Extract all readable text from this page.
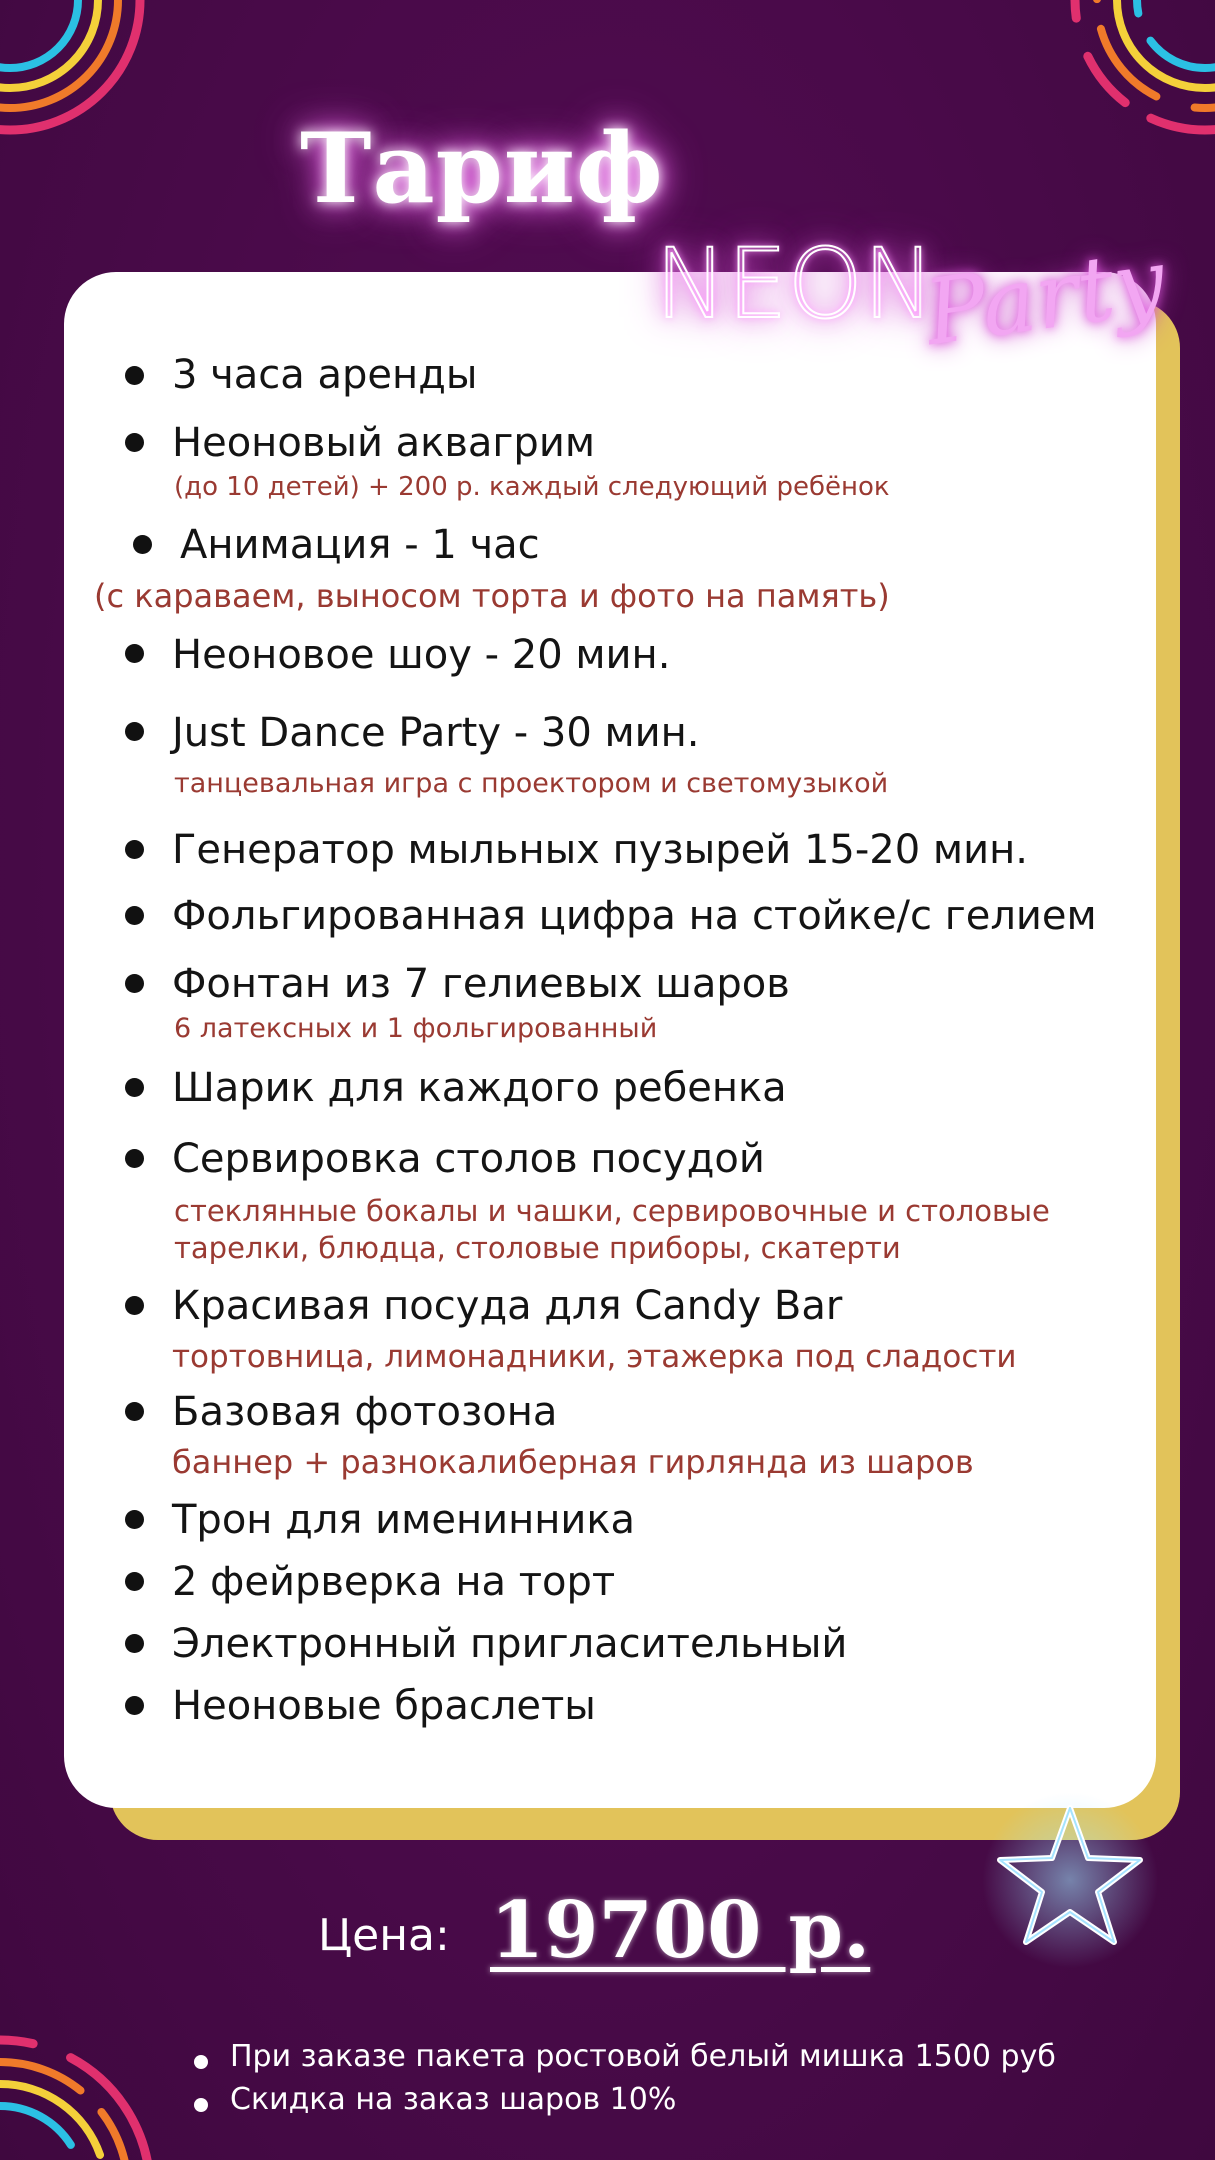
Тариф
NEON
Party
3 часа аренды
Неоновый аквагрим
(до 10 детей) + 200 р. каждый следующий ребёнок
Анимация - 1 час
(с караваем, выносом торта и фото на память)
Неоновое шоу - 20 мин.
Just Dance Party - 30 мин.
танцевальная игра с проектором и светомузыкой
Генератор мыльных пузырей 15-20 мин.
Фольгированная цифра на стойке/с гелием
Фонтан из 7 гелиевых шаров
6 латексных и 1 фольгированный
Шарик для каждого ребенка
Сервировка столов посудой
стеклянные бокалы и чашки, сервировочные и столовые
тарелки, блюдца, столовые приборы, скатерти
Красивая посуда для Candy Bar
тортовница, лимонадники, этажерка под сладости
Базовая фотозона
баннер + разнокалиберная гирлянда из шаров
Трон для именинника
2 фейрверка на торт
Электронный пригласительный
Неоновые браслеты
Цена: 19700 р.
При заказе пакета ростовой белый мишка 1500 руб
Скидка на заказ шаров 10%
